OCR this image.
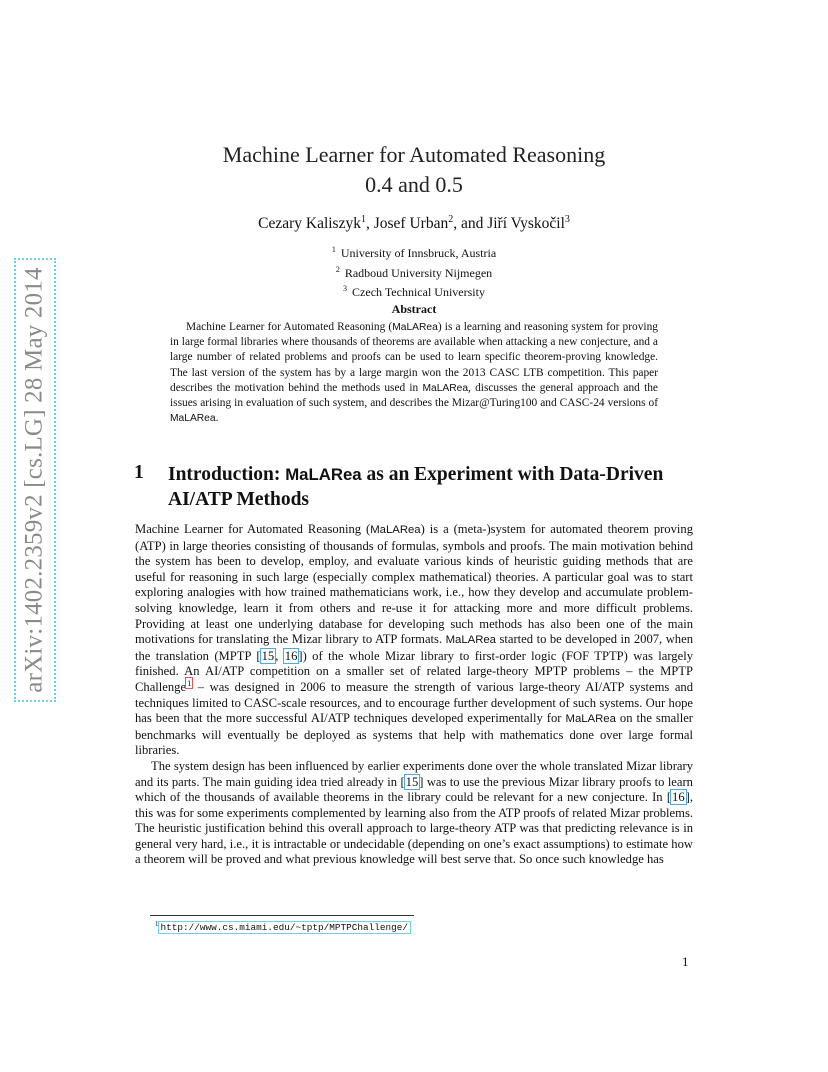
arXiv:1402.2359v2 [cs.LG] 28 May 2014
Machine Learner for Automated Reasoning
0.4 and 0.5
Cezary Kaliszyk$^1$, Josef Urban$^2$, and Jiří Vyskočil$^3$
$^1$ University of Innsbruck, Austria
$^2$ Radboud University Nijmegen
$^3$ Czech Technical University
Abstract
Machine Learner for Automated Reasoning (MaLARea) is a learning and reasoning system for proving in large formal libraries where thousands of theorems are available when attacking a new conjecture, and a large number of related problems and proofs can be used to learn specific theorem-proving knowledge. The last version of the system has by a large margin won the 2013 CASC LTB competition. This paper describes the motivation behind the methods used in MaLARea, discusses the general approach and the issues arising in evaluation of such system, and describes the Mizar@Turing100 and CASC-24 versions of MaLARea.
1 Introduction: MaLARea as an Experiment with Data-Driven AI/ATP Methods

Machine Learner for Automated Reasoning (MaLARea) is a (meta-)system for automated theorem proving (ATP) in large theories consisting of thousands of formulas, symbols and proofs. The main motivation behind the system has been to develop, employ, and evaluate various kinds of heuristic guiding methods that are useful for reasoning in such large (especially complex mathematical) theories. A particular goal was to start exploring analogies with how trained mathematicians work, i.e., how they develop and accumulate problem-solving knowledge, learn it from others and re-use it for attacking more and more difficult problems. Providing at least one underlying database for developing such methods has also been one of the main motivations for translating the Mizar library to ATP formats. MaLARea started to be developed in 2007, when the translation (MPTP [15, 16]) of the whole Mizar library to first-order logic (FOF TPTP) was largely finished. An AI/ATP competition on a smaller set of related large-theory MPTP problems – the MPTP Challenge$^1$ – was designed in 2006 to measure the strength of various large-theory AI/ATP systems and techniques limited to CASC-scale resources, and to encourage further development of such systems. Our hope has been that the more successful AI/ATP techniques developed experimentally for MaLARea on the smaller benchmarks will eventually be deployed as systems that help with mathematics done over large formal libraries.

The system design has been influenced by earlier experiments done over the whole translated Mizar library and its parts. The main guiding idea tried already in [15] was to use the previous Mizar library proofs to learn which of the thousands of available theorems in the library could be relevant for a new conjecture. In [16], this was for some experiments complemented by learning also from the ATP proofs of related Mizar problems. The heuristic justification behind this overall approach to large-theory ATP was that predicting relevance is in general very hard, i.e., it is intractable or undecidable (depending on one’s exact assumptions) to estimate how a theorem will be proved and what previous knowledge will best serve that. So once such knowledge has

$^1$ http://www.cs.miami.edu/~tptp/MPTPChallenge/
1
